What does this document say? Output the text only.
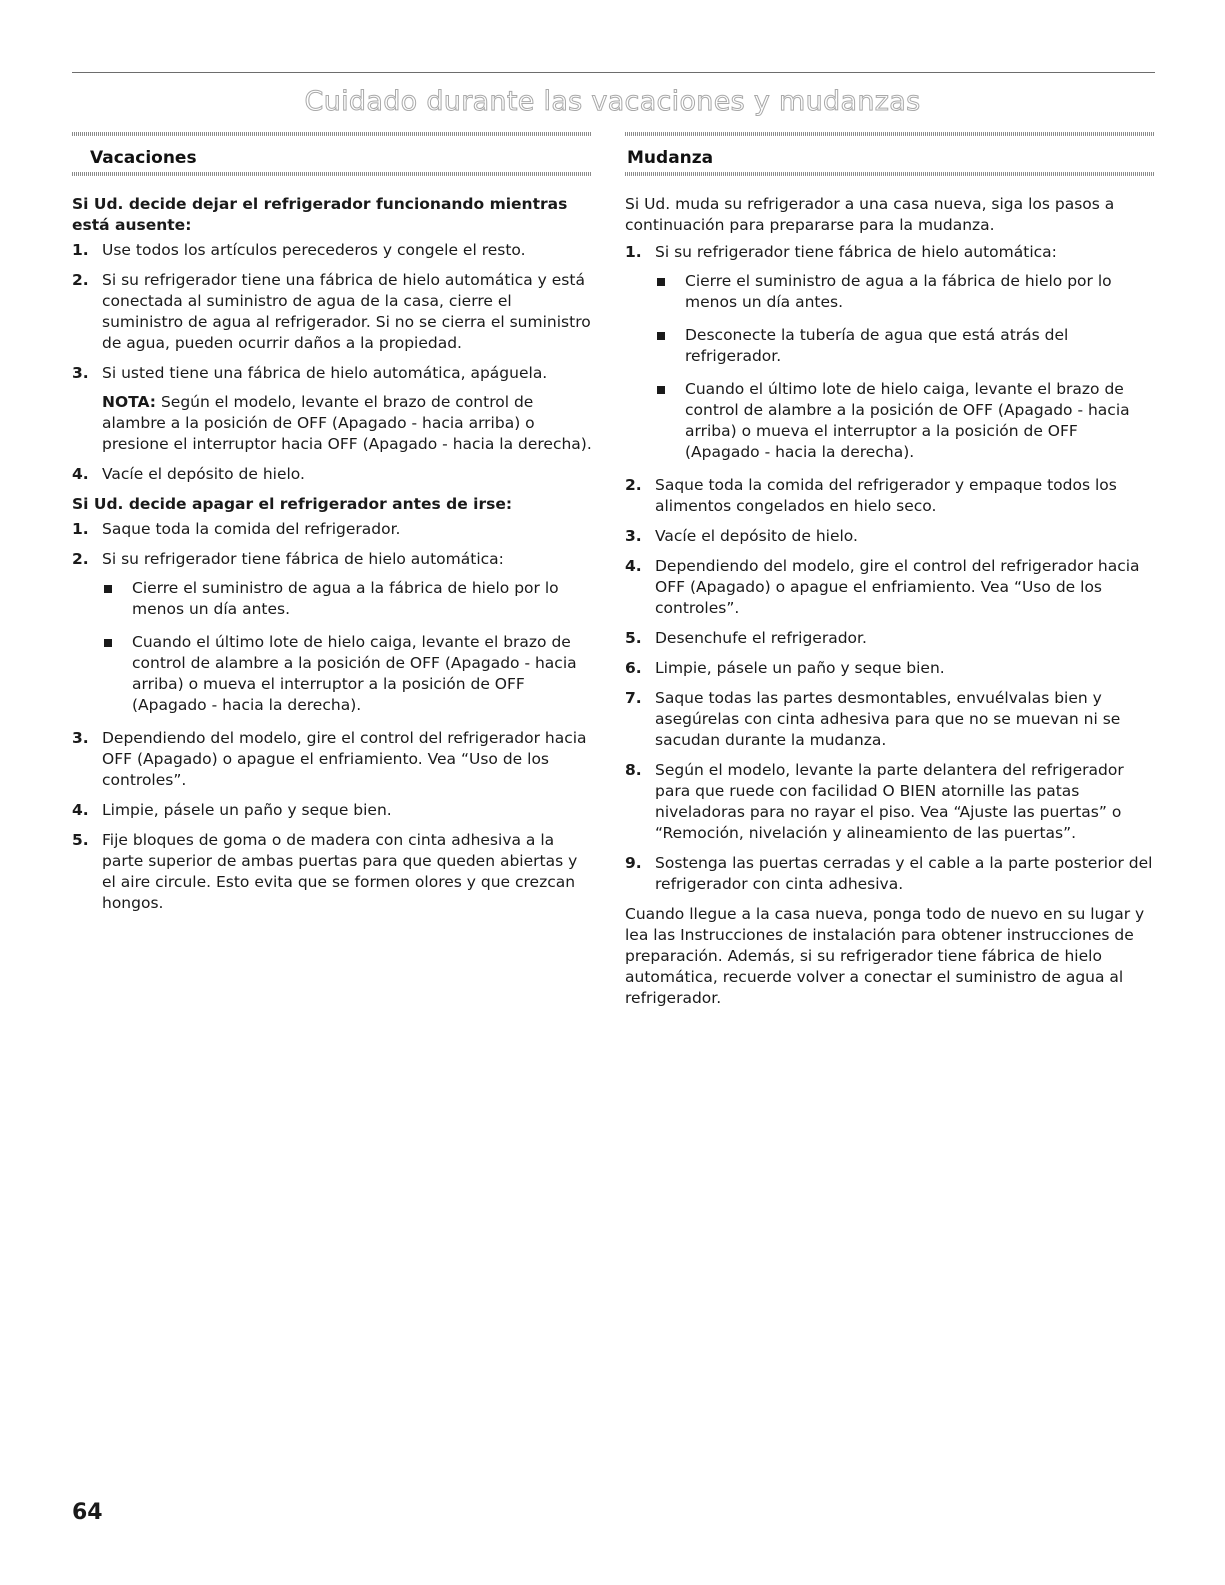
Cuidado durante las vacaciones y mudanzas
Vacaciones
Si Ud. decide dejar el refrigerador funcionando mientras está ausente:
1. Use todos los artículos perecederos y congele el resto.
2. Si su refrigerador tiene una fábrica de hielo automática y está conectada al suministro de agua de la casa, cierre el suministro de agua al refrigerador. Si no se cierra el suministro de agua, pueden ocurrir daños a la propiedad.
3. Si usted tiene una fábrica de hielo automática, apáguela.
NOTA: Según el modelo, levante el brazo de control de alambre a la posición de OFF (Apagado - hacia arriba) o presione el interruptor hacia OFF (Apagado - hacia la derecha).
4. Vacíe el depósito de hielo.
Si Ud. decide apagar el refrigerador antes de irse:
1. Saque toda la comida del refrigerador.
2. Si su refrigerador tiene fábrica de hielo automática:
Cierre el suministro de agua a la fábrica de hielo por lo menos un día antes.
Cuando el último lote de hielo caiga, levante el brazo de control de alambre a la posición de OFF (Apagado - hacia arriba) o mueva el interruptor a la posición de OFF (Apagado - hacia la derecha).
3. Dependiendo del modelo, gire el control del refrigerador hacia OFF (Apagado) o apague el enfriamiento. Vea “Uso de los controles”.
4. Limpie, pásele un paño y seque bien.
5. Fije bloques de goma o de madera con cinta adhesiva a la parte superior de ambas puertas para que queden abiertas y el aire circule. Esto evita que se formen olores y que crezcan hongos.
Mudanza

Si Ud. muda su refrigerador a una casa nueva, siga los pasos a continuación para prepararse para la mudanza.

1. Si su refrigerador tiene fábrica de hielo automática:
Cierre el suministro de agua a la fábrica de hielo por lo menos un día antes.
Desconecte la tubería de agua que está atrás del refrigerador.
Cuando el último lote de hielo caiga, levante el brazo de control de alambre a la posición de OFF (Apagado - hacia arriba) o mueva el interruptor a la posición de OFF (Apagado - hacia la derecha).
2. Saque toda la comida del refrigerador y empaque todos los alimentos congelados en hielo seco.
3. Vacíe el depósito de hielo.
4. Dependiendo del modelo, gire el control del refrigerador hacia OFF (Apagado) o apague el enfriamiento. Vea “Uso de los controles”.
5. Desenchufe el refrigerador.
6. Limpie, pásele un paño y seque bien.
7. Saque todas las partes desmontables, envuélvalas bien y asegúrelas con cinta adhesiva para que no se muevan ni se sacudan durante la mudanza.
8. Según el modelo, levante la parte delantera del refrigerador para que ruede con facilidad O BIEN atornille las patas niveladoras para no rayar el piso. Vea “Ajuste las puertas” o “Remoción, nivelación y alineamiento de las puertas”.
9. Sostenga las puertas cerradas y el cable a la parte posterior del refrigerador con cinta adhesiva.

Cuando llegue a la casa nueva, ponga todo de nuevo en su lugar y lea las Instrucciones de instalación para obtener instrucciones de preparación. Además, si su refrigerador tiene fábrica de hielo automática, recuerde volver a conectar el suministro de agua al refrigerador.

64
